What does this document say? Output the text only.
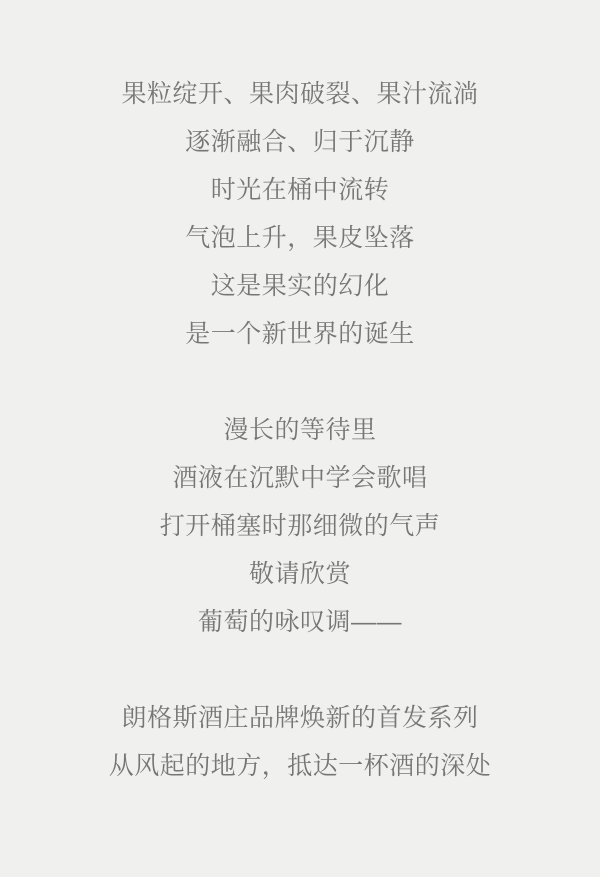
果粒绽开、果肉破裂、果汁流淌

逐渐融合、归于沉静

时光在桶中流转

气泡上升，果皮坠落

这是果实的幻化

是一个新世界的诞生

漫长的等待里

酒液在沉默中学会歌唱

打开桶塞时那细微的气声

敬请欣赏

葡萄的咏叹调——

朗格斯酒庄品牌焕新的首发系列

从风起的地方，抵达一杯酒的深处
